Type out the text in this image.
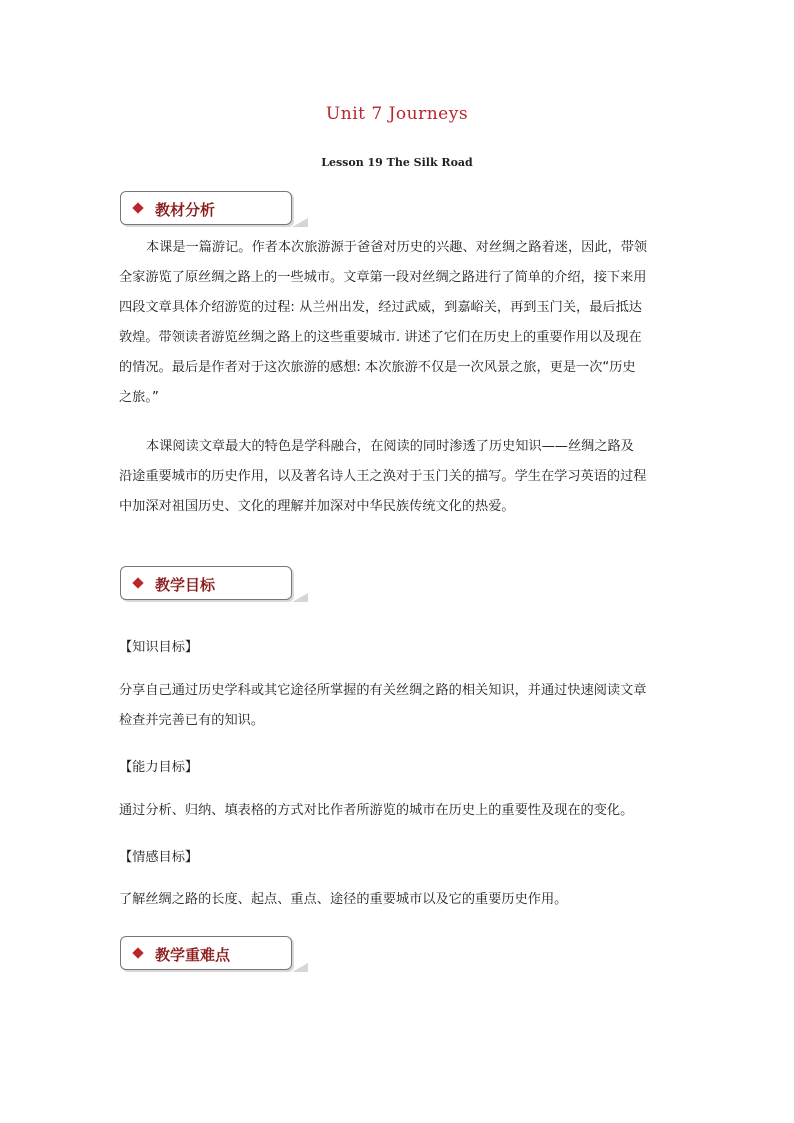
Unit 7 Journeys
Lesson 19 The Silk Road
教材分析
本课是一篇游记。作者本次旅游源于爸爸对历史的兴趣、对丝绸之路着迷，因此，带领
全家游览了原丝绸之路上的一些城市。文章第一段对丝绸之路进行了简单的介绍，接下来用
四段文章具体介绍游览的过程: 从兰州出发，经过武威，到嘉峪关，再到玉门关，最后抵达
敦煌。带领读者游览丝绸之路上的这些重要城市. 讲述了它们在历史上的重要作用以及现在
的情况。最后是作者对于这次旅游的感想: 本次旅游不仅是一次风景之旅，更是一次“历史
之旅。”
本课阅读文章最大的特色是学科融合，在阅读的同时渗透了历史知识——丝绸之路及
沿途重要城市的历史作用，以及著名诗人王之涣对于玉门关的描写。学生在学习英语的过程
中加深对祖国历史、文化的理解并加深对中华民族传统文化的热爱。
教学目标
【知识目标】
分享自己通过历史学科或其它途径所掌握的有关丝绸之路的相关知识，并通过快速阅读文章
检查并完善已有的知识。
【能力目标】
通过分析、归纳、填表格的方式对比作者所游览的城市在历史上的重要性及现在的变化。
【情感目标】
了解丝绸之路的长度、起点、重点、途径的重要城市以及它的重要历史作用。
教学重难点
